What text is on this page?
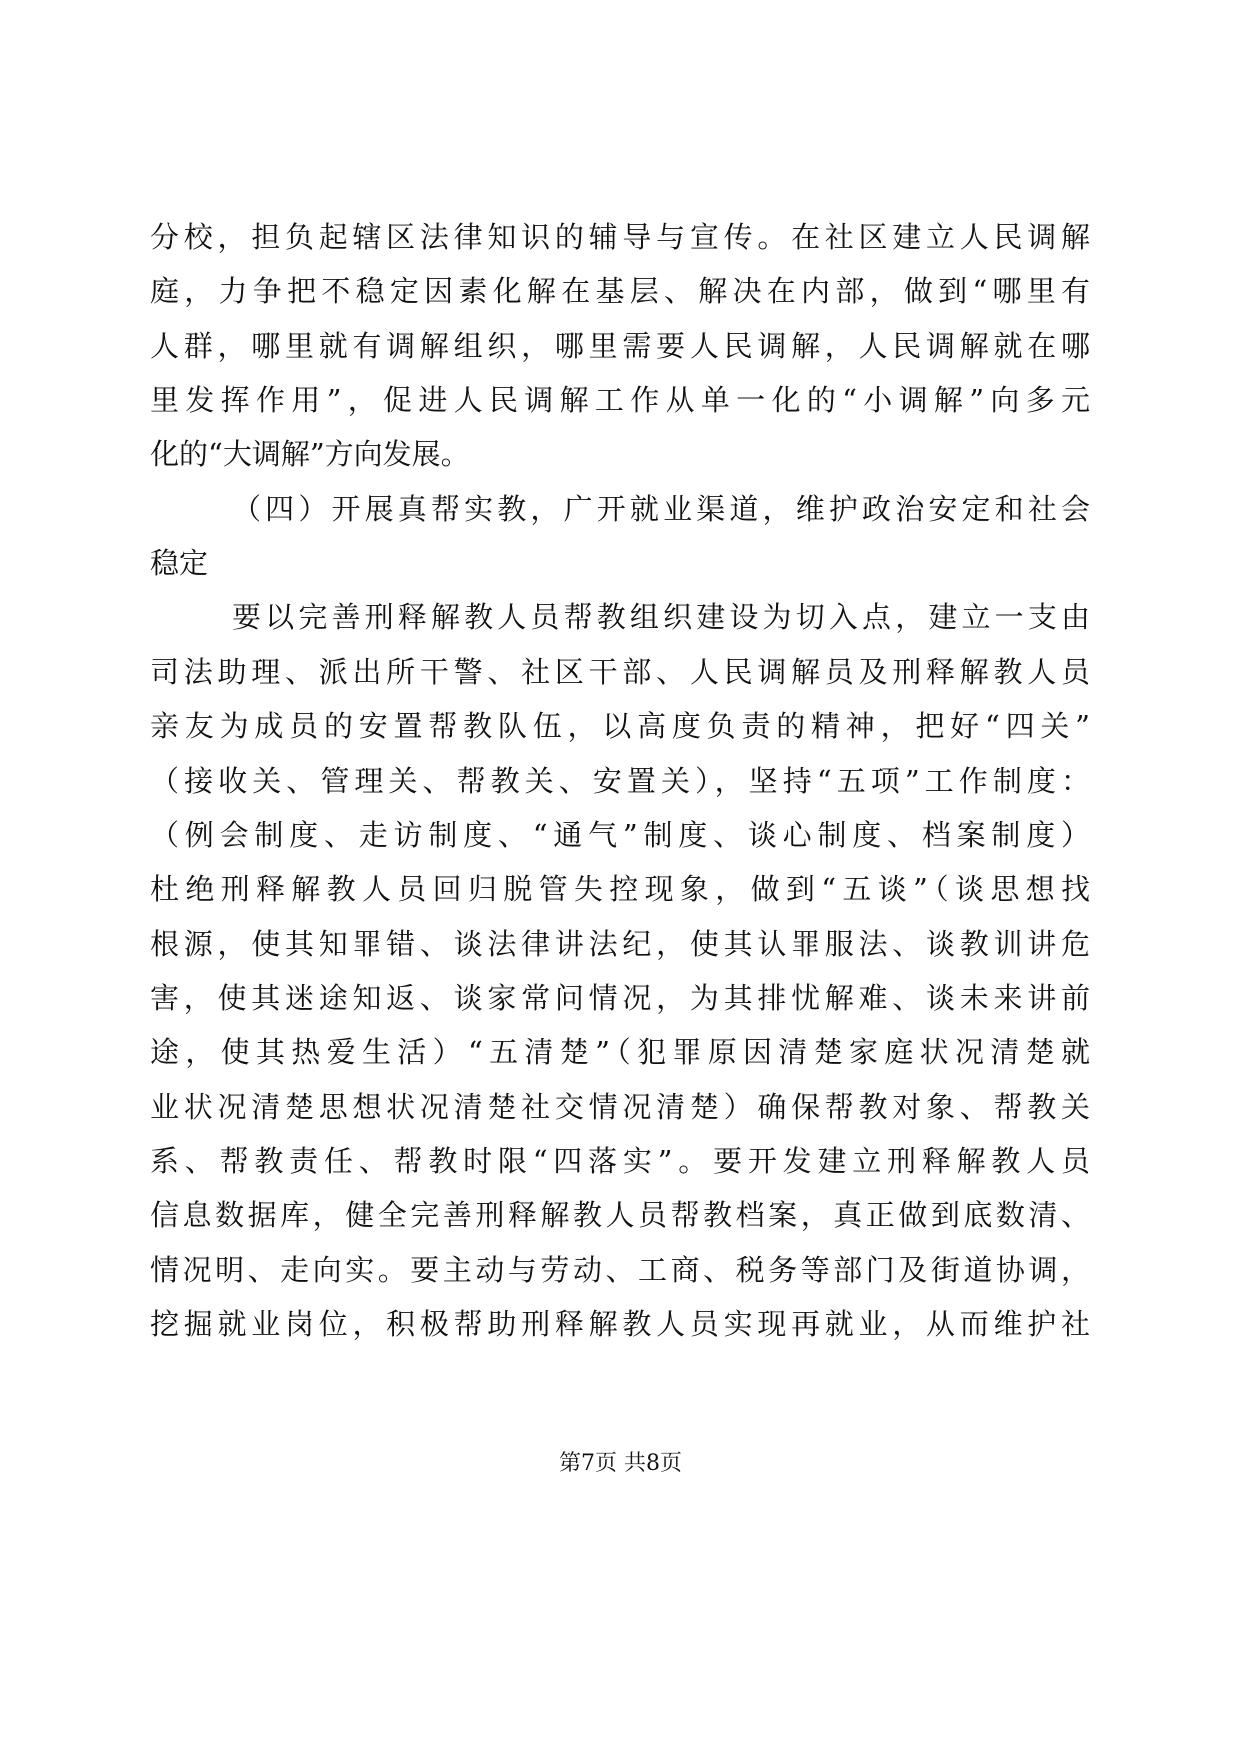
分校，担负起辖区法律知识的辅导与宣传。在社区建立人民调解
庭，力争把不稳定因素化解在基层、解决在内部，做到“哪里有
人群，哪里就有调解组织，哪里需要人民调解，人民调解就在哪
里发挥作用”，促进人民调解工作从单一化的“小调解”向多元
化的“大调解”方向发展。
（四）开展真帮实教，广开就业渠道，维护政治安定和社会
稳定
要以完善刑释解教人员帮教组织建设为切入点，建立一支由
司法助理、派出所干警、社区干部、人民调解员及刑释解教人员
亲友为成员的安置帮教队伍，以高度负责的精神，把好“四关”
（接收关、管理关、帮教关、安置关），坚持“五项”工作制度：
（例会制度、走访制度、“通气”制度、谈心制度、档案制度）
杜绝刑释解教人员回归脱管失控现象，做到“五谈”（谈思想找
根源，使其知罪错、谈法律讲法纪，使其认罪服法、谈教训讲危
害，使其迷途知返、谈家常问情况，为其排忧解难、谈未来讲前
途，使其热爱生活）“五清楚”（犯罪原因清楚家庭状况清楚就
业状况清楚思想状况清楚社交情况清楚）确保帮教对象、帮教关
系、帮教责任、帮教时限“四落实”。要开发建立刑释解教人员
信息数据库，健全完善刑释解教人员帮教档案，真正做到底数清、
情况明、走向实。要主动与劳动、工商、税务等部门及街道协调，
挖掘就业岗位，积极帮助刑释解教人员实现再就业，从而维护社
第7页 共8页
